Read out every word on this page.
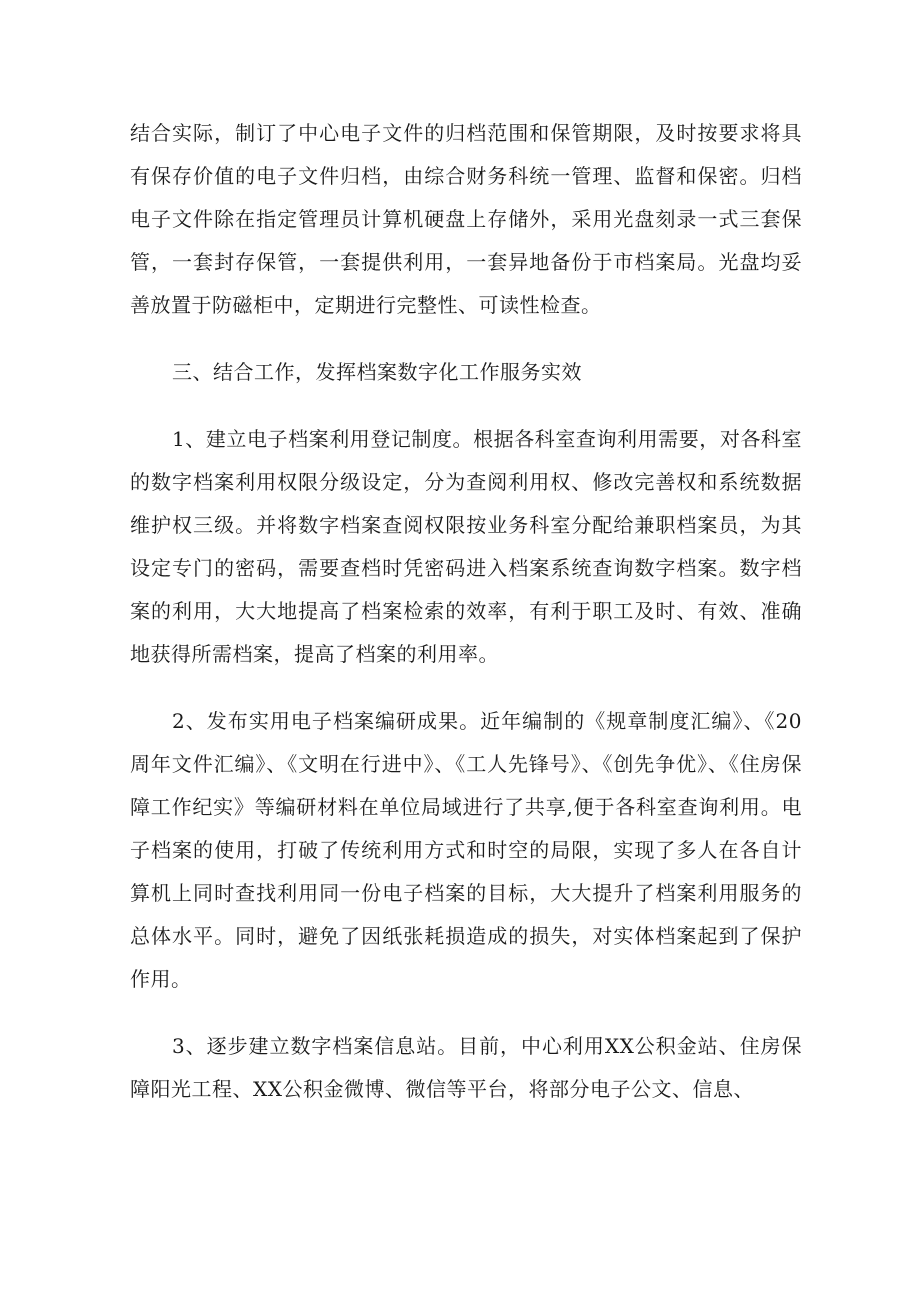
结合实际，制订了中心电子文件的归档范围和保管期限，及时按要求将具有保存价值的电子文件归档，由综合财务科统一管理、监督和保密。归档电子文件除在指定管理员计算机硬盘上存储外，采用光盘刻录一式三套保管，一套封存保管，一套提供利用，一套异地备份于市档案局。光盘均妥善放置于防磁柜中，定期进行完整性、可读性检查。

三、结合工作，发挥档案数字化工作服务实效

1、建立电子档案利用登记制度。根据各科室查询利用需要，对各科室的数字档案利用权限分级设定，分为查阅利用权、修改完善权和系统数据维护权三级。并将数字档案查阅权限按业务科室分配给兼职档案员，为其设定专门的密码，需要查档时凭密码进入档案系统查询数字档案。数字档案的利用，大大地提高了档案检索的效率，有利于职工及时、有效、准确地获得所需档案，提高了档案的利用率。

2、发布实用电子档案编研成果。近年编制的《规章制度汇编》、《20周年文件汇编》、《文明在行进中》、《工人先锋号》、《创先争优》、《住房保障工作纪实》等编研材料在单位局域进行了共享,便于各科室查询利用。电子档案的使用，打破了传统利用方式和时空的局限，实现了多人在各自计算机上同时查找利用同一份电子档案的目标，大大提升了档案利用服务的总体水平。同时，避免了因纸张耗损造成的损失，对实体档案起到了保护作用。

3、逐步建立数字档案信息站。目前，中心利用XX公积金站、住房保障阳光工程、XX公积金微博、微信等平台，将部分电子公文、信息、
